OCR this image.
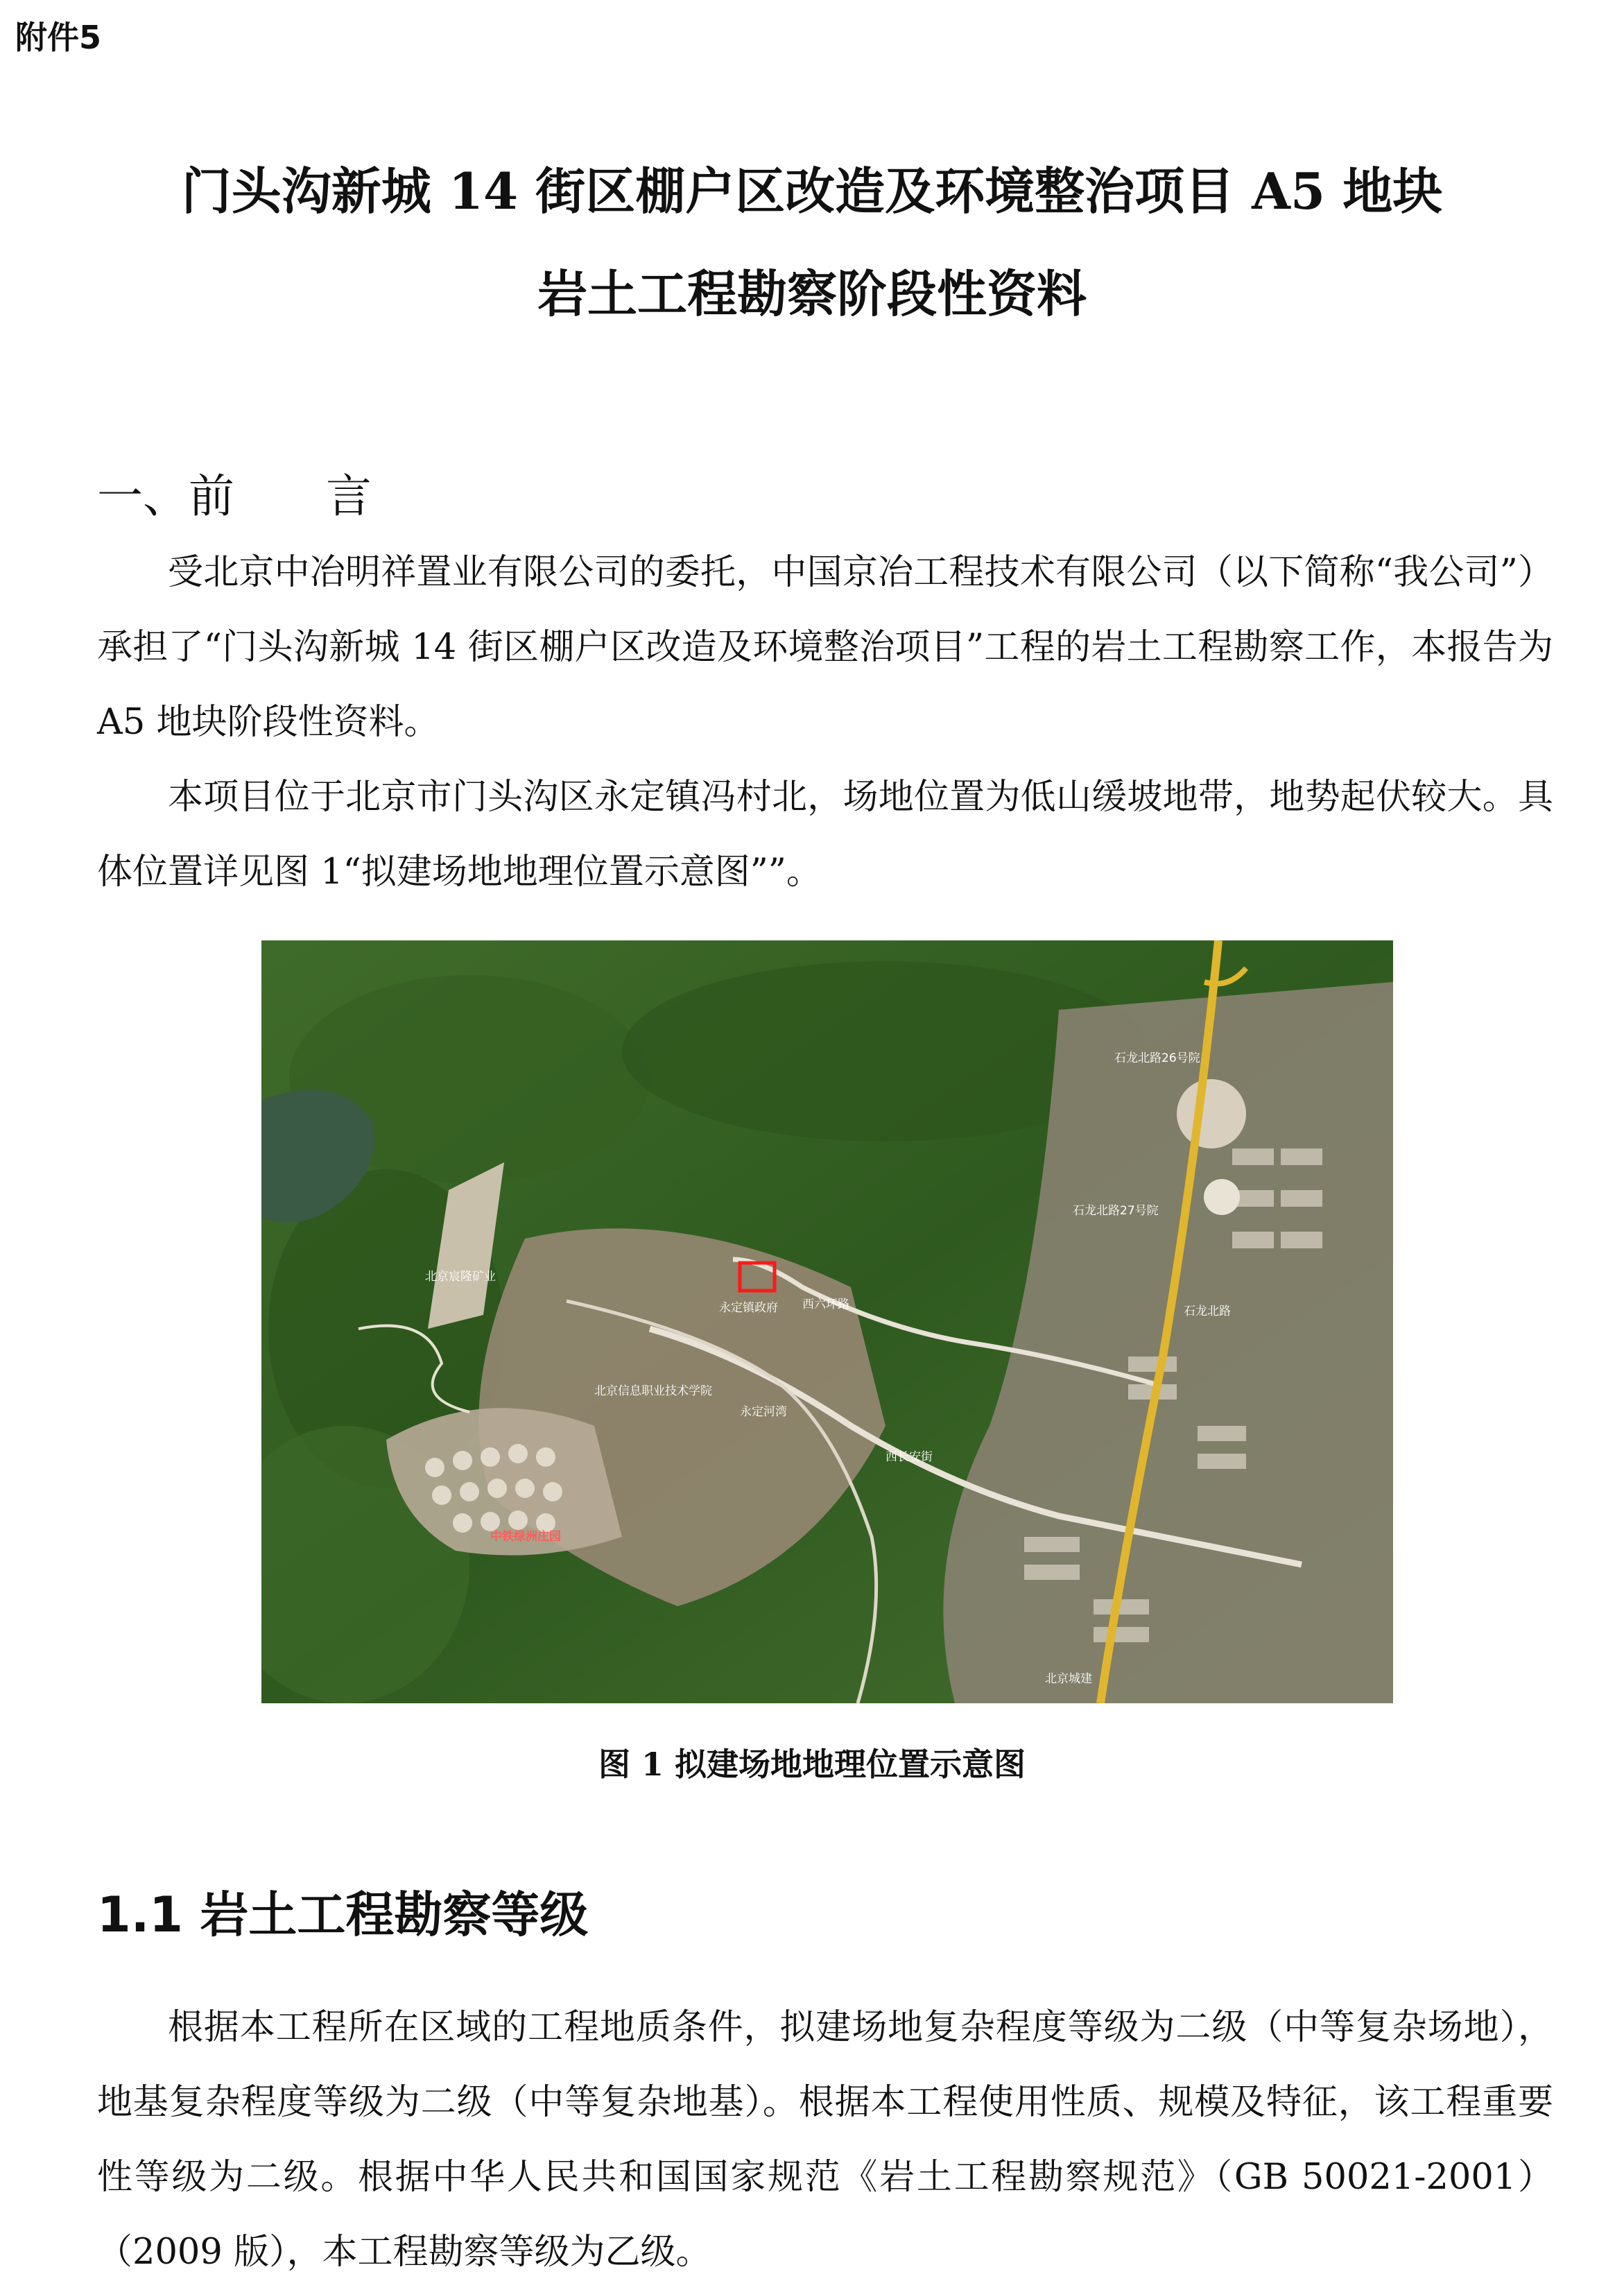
附件5
门头沟新城 14 街区棚户区改造及环境整治项目 A5 地块
岩土工程勘察阶段性资料
一、前　　言
受北京中冶明祥置业有限公司的委托，中国京冶工程技术有限公司（以下简称“我公司”）承担了“门头沟新城 14 街区棚户区改造及环境整治项目”工程的岩土工程勘察工作，本报告为 A5 地块阶段性资料。
本项目位于北京市门头沟区永定镇冯村北，场地位置为低山缓坡地带，地势起伏较大。具体位置详见图 1“拟建场地地理位置示意图””。
北京宸隆矿业
永定镇政府
石龙北路26号院
石龙北路27号院
西六环路
中铁绿洲庄园
北京信息职业技术学院
永定河湾
石龙北路
西长安街
北京城建
图 1 拟建场地地理位置示意图
1.1 岩土工程勘察等级
根据本工程所在区域的工程地质条件，拟建场地复杂程度等级为二级（中等复杂场地），地基复杂程度等级为二级（中等复杂地基）。根据本工程使用性质、规模及特征，该工程重要性等级为二级。根据中华人民共和国国家规范《岩土工程勘察规范》（GB 50021-2001）（2009 版），本工程勘察等级为乙级。
